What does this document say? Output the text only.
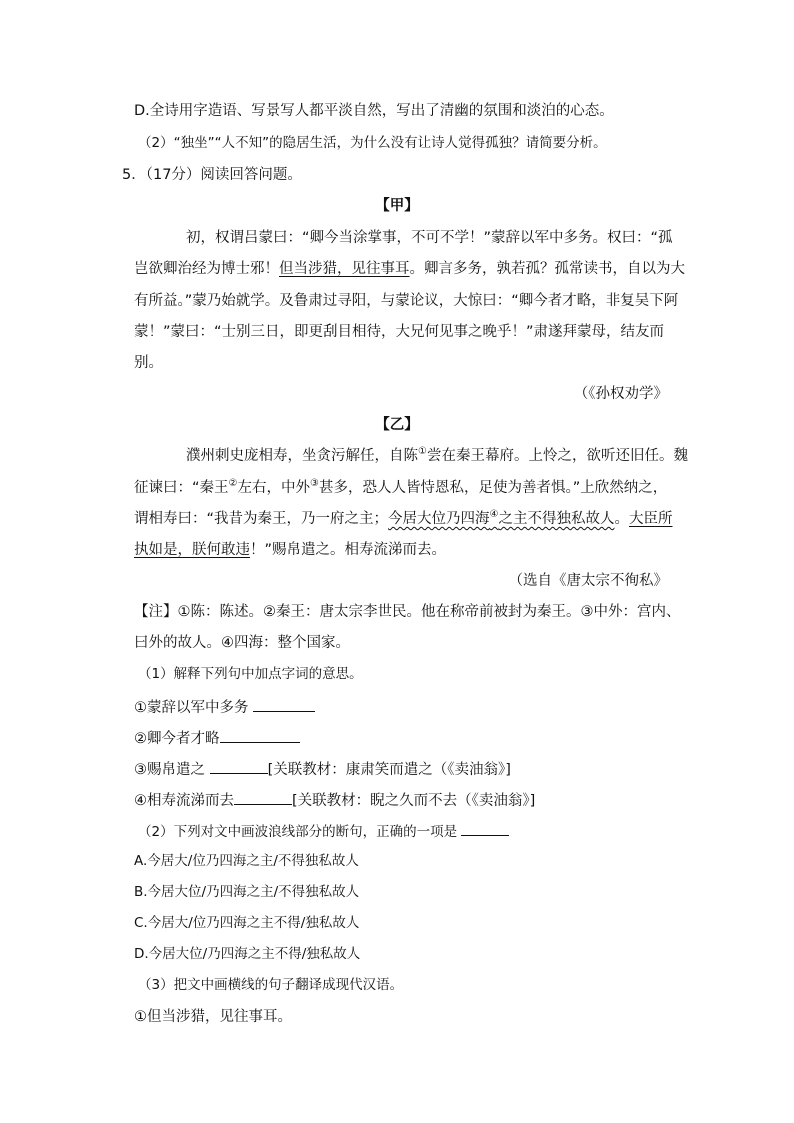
D.全诗用字造语、写景写人都平淡自然，写出了清幽的氛围和淡泊的心态。
（2）“独坐”“人不知”的隐居生活，为什么没有让诗人觉得孤独？请简要分析。
5．（17分）阅读回答问题。
【甲】
初，权谓吕蒙曰：“卿今当涂掌事，不可不学！”蒙辞以军中多务。权曰：“孤
岂欲卿治经为博士邪！但当涉猎，见往事耳。卿言多务，孰若孤？孤常读书，自以为大
有所益。”蒙乃始就学。及鲁肃过寻阳，与蒙论议，大惊曰：“卿今者才略，非复吴下阿
蒙！”蒙曰：“士别三日，即更刮目相待，大兄何见事之晚乎！”肃遂拜蒙母，结友而
别。
（《孙权劝学》
【乙】
濮州刺史庞相寿，坐贪污解任，自陈①尝在秦王幕府。上怜之，欲听还旧任。魏
征谏曰：“秦王②左右，中外③甚多，恐人人皆恃恩私，足使为善者惧。”上欣然纳之，
谓相寿曰：“我昔为秦王，乃一府之主；今居大位乃四海④之主不得独私故人。大臣所
执如是，朕何敢违！”赐帛遣之。相寿流涕而去。
（选自《唐太宗不徇私》
【注】①陈：陈述。②秦王：唐太宗李世民。他在称帝前被封为秦王。③中外：宫内、
曰外的故人。④四海：整个国家。
（1）解释下列句中加点字词的意思。
①蒙辞以军中多务
②卿今者才略
③赐帛遣之	[关联教材：康肃笑而遣之（《卖油翁》]
④相寿流涕而去	[关联教材：睨之久而不去（《卖油翁》]
（2）下列对文中画波浪线部分的断句，正确的一项是
A.今居大/位乃四海之主/不得独私故人
B.今居大位/乃四海之主/不得独私故人
C.今居大/位乃四海之主不得/独私故人
D.今居大位/乃四海之主不得/独私故人
（3）把文中画横线的句子翻译成现代汉语。
①但当涉猎，见往事耳。
